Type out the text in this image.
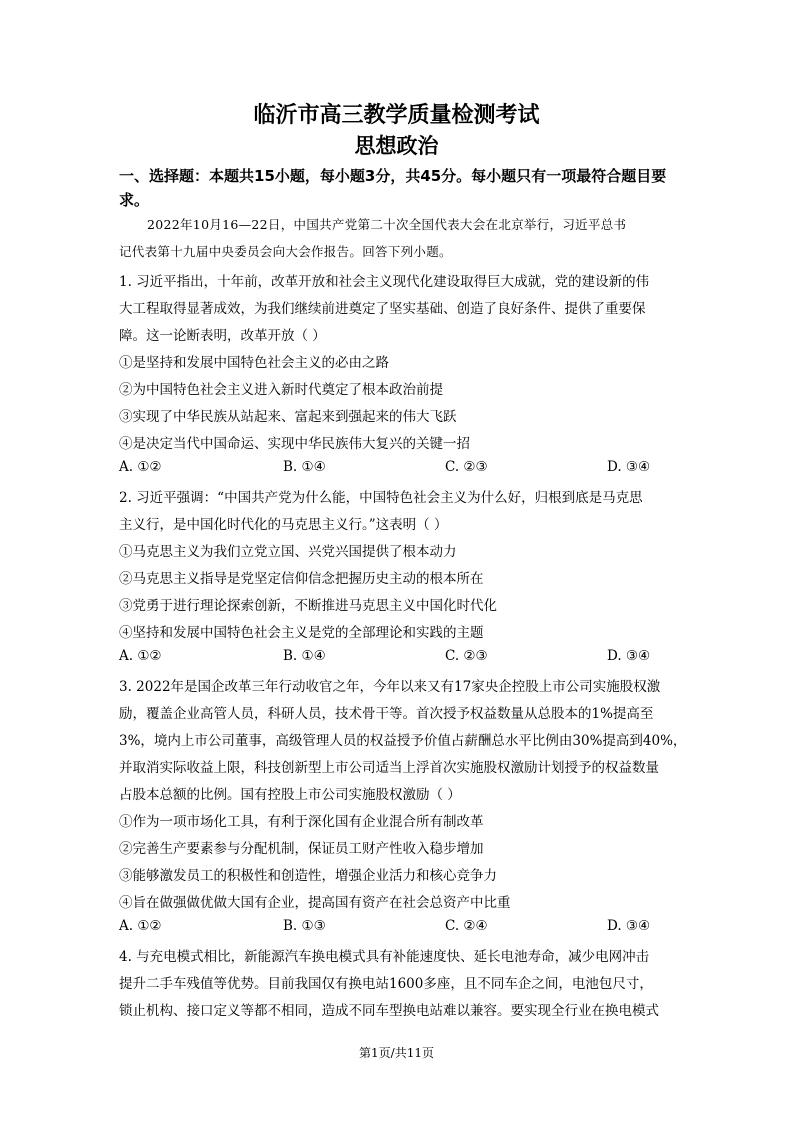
临沂市高三教学质量检测考试
思想政治
一、选择题：本题共15小题，每小题3分，共45分。每小题只有一项最符合题目要求。
2022年10月16—22日，中国共产党第二十次全国代表大会在北京举行，习近平总书
记代表第十九届中央委员会向大会作报告。回答下列小题。
1. 习近平指出，十年前，改革开放和社会主义现代化建设取得巨大成就，党的建设新的伟
大工程取得显著成效，为我们继续前进奠定了坚实基础、创造了良好条件、提供了重要保
障。这一论断表明，改革开放（ ）
①是坚持和发展中国特色社会主义的必由之路
②为中国特色社会主义进入新时代奠定了根本政治前提
③实现了中华民族从站起来、富起来到强起来的伟大飞跃
④是决定当代中国命运、实现中华民族伟大复兴的关键一招
A. ①②	B. ①④	C. ②③	D. ③④
2. 习近平强调：“中国共产党为什么能，中国特色社会主义为什么好，归根到底是马克思
主义行，是中国化时代化的马克思主义行。”这表明（ ）
①马克思主义为我们立党立国、兴党兴国提供了根本动力
②马克思主义指导是党坚定信仰信念把握历史主动的根本所在
③党勇于进行理论探索创新，不断推进马克思主义中国化时代化
④坚持和发展中国特色社会主义是党的全部理论和实践的主题
A. ①②	B. ①④	C. ②③	D. ③④
3. 2022年是国企改革三年行动收官之年，今年以来又有17家央企控股上市公司实施股权激
励，覆盖企业高管人员，科研人员，技术骨干等。首次授予权益数量从总股本的1%提高至
3%，境内上市公司董事，高级管理人员的权益授予价值占薪酬总水平比例由30%提高到40%，
并取消实际收益上限，科技创新型上市公司适当上浮首次实施股权激励计划授予的权益数量
占股本总额的比例。国有控股上市公司实施股权激励（ ）
①作为一项市场化工具，有利于深化国有企业混合所有制改革
②完善生产要素参与分配机制，保证员工财产性收入稳步增加
③能够激发员工的积极性和创造性，增强企业活力和核心竞争力
④旨在做强做优做大国有企业，提高国有资产在社会总资产中比重
A. ①②	B. ①③	C. ②④	D. ③④
4. 与充电模式相比，新能源汽车换电模式具有补能速度快、延长电池寿命，减少电网冲击
提升二手车残值等优势。目前我国仅有换电站1600多座，且不同车企之间，电池包尺寸，
锁止机构、接口定义等都不相同，造成不同车型换电站难以兼容。要实现全行业在换电模式
第1页/共11页
